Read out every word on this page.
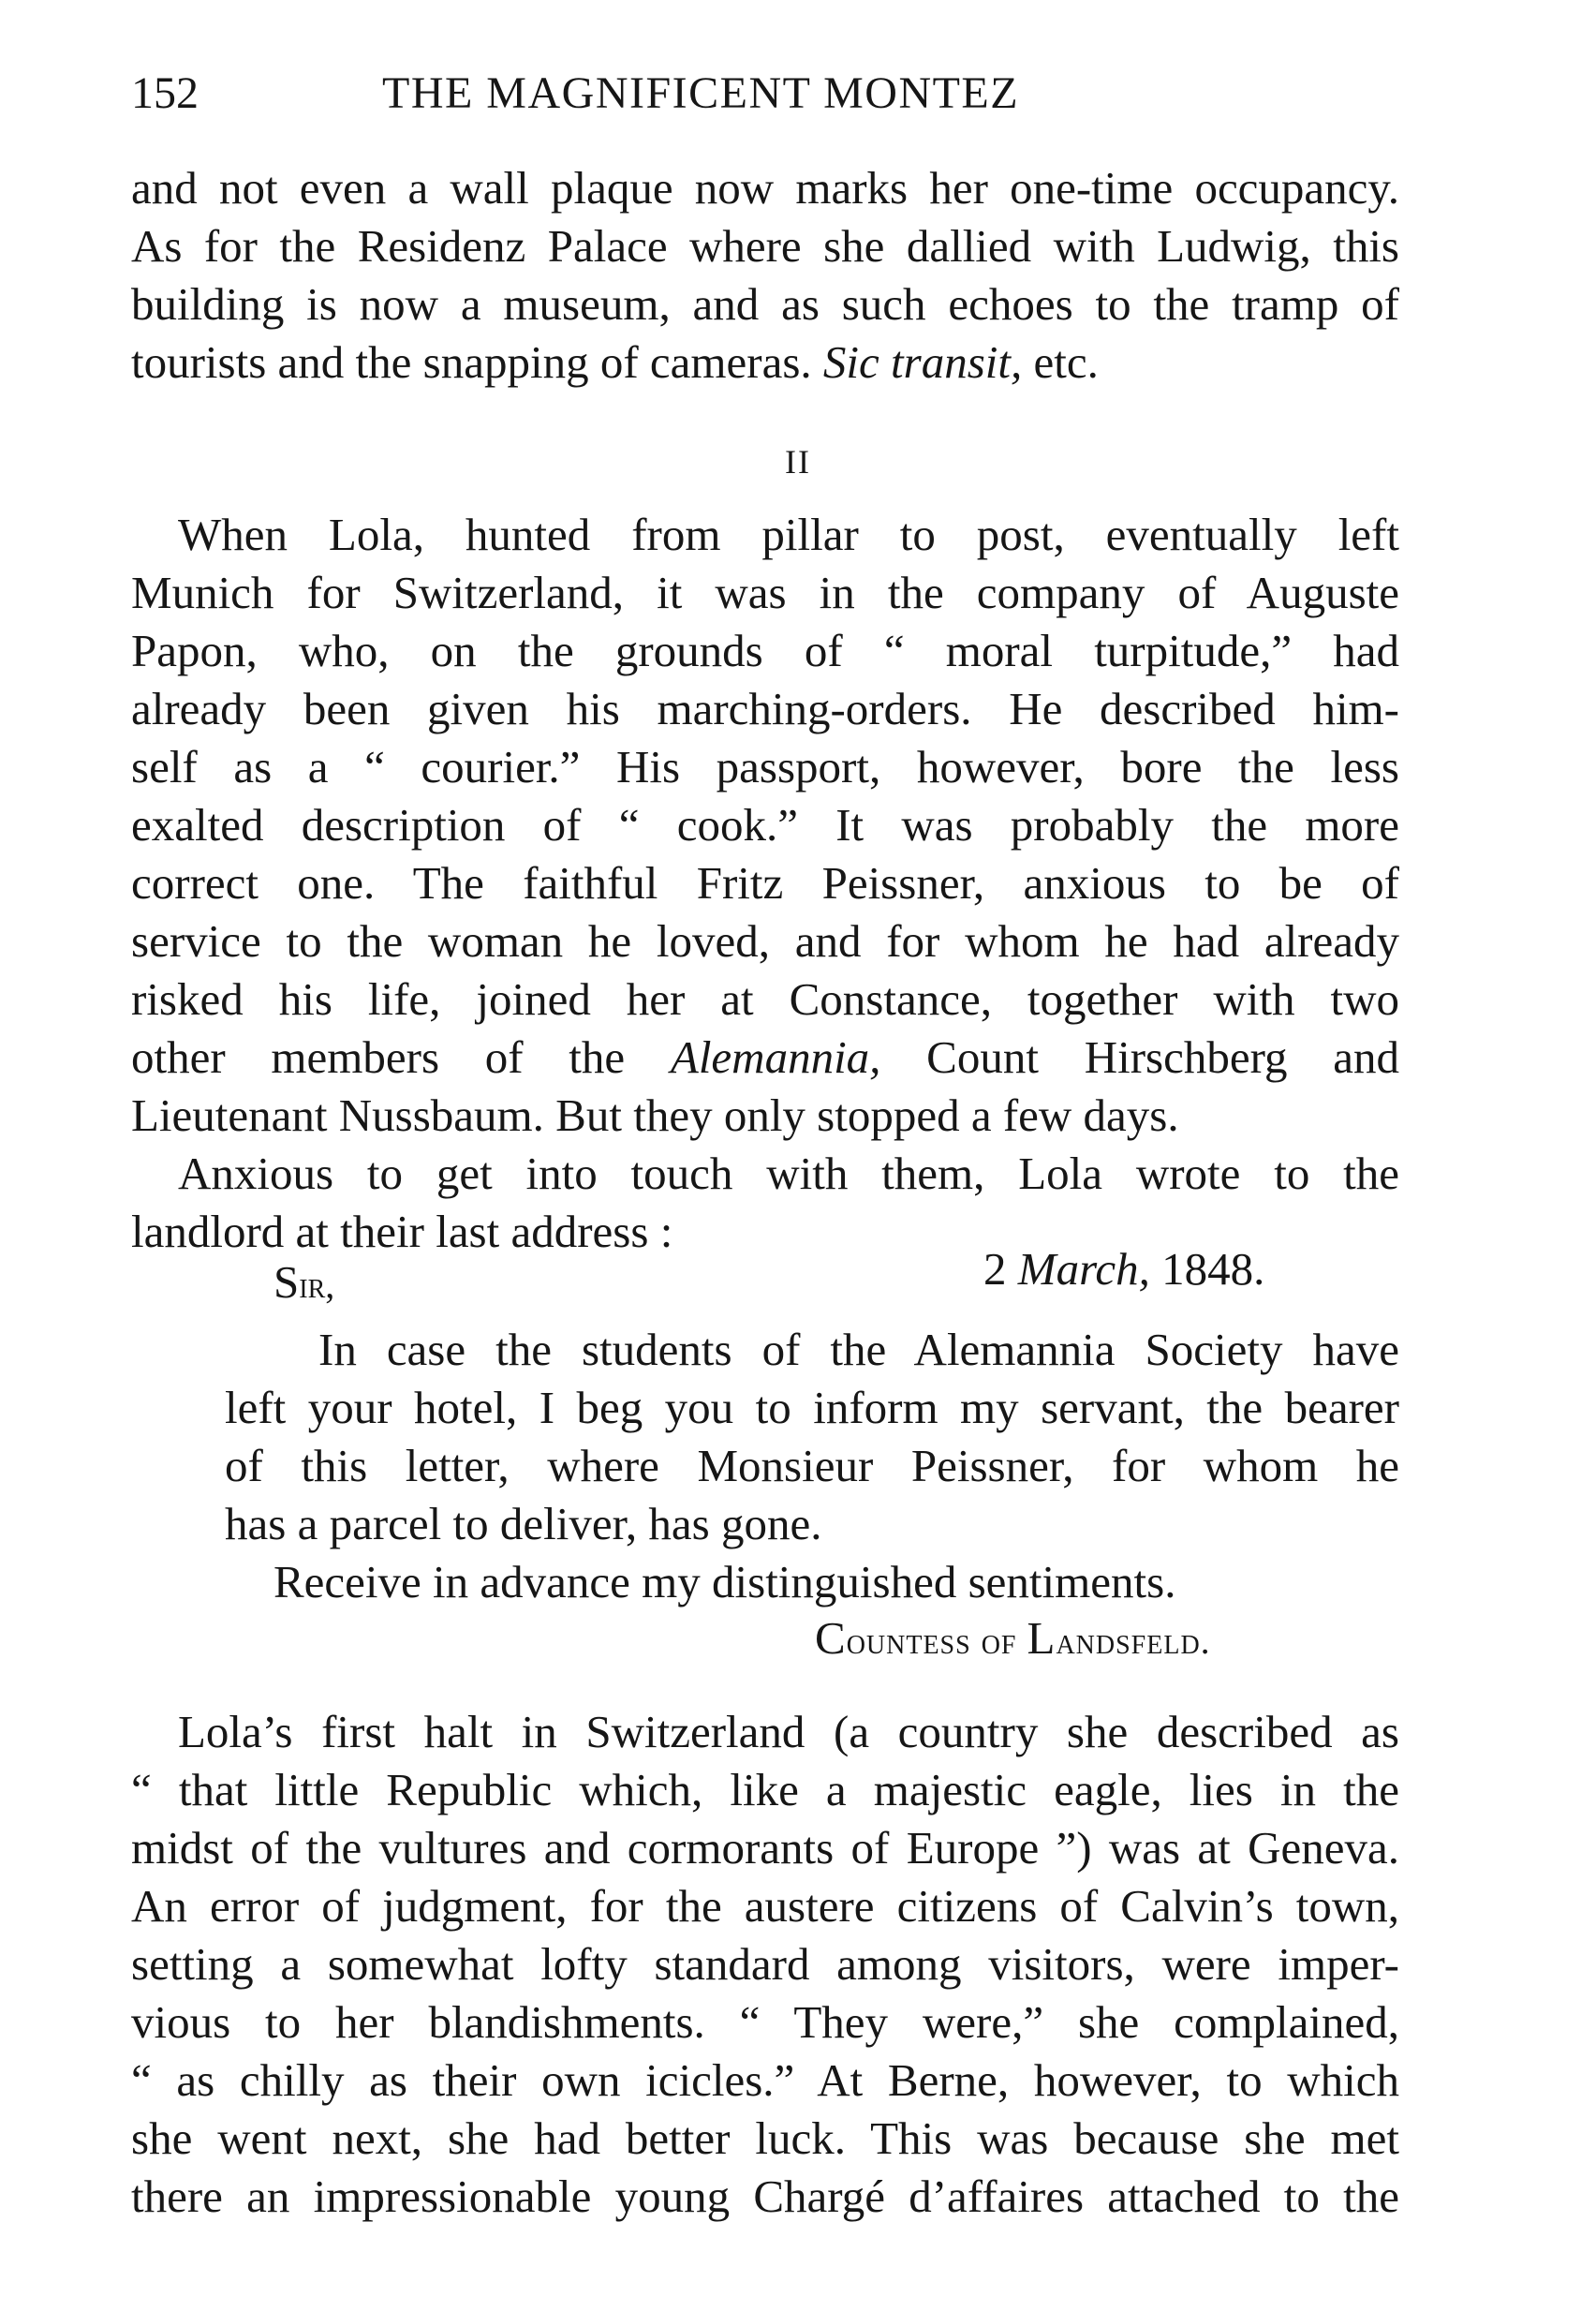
152	THE MAGNIFICENT MONTEZ
and not even a wall plaque now marks her one-time occupancy.
As for the Residenz Palace where she dallied with Ludwig, this
building is now a museum, and as such echoes to the tramp of
tourists and the snapping of cameras. Sic transit, etc.
II
When Lola, hunted from pillar to post, eventually left
Munich for Switzerland, it was in the company of Auguste
Papon, who, on the grounds of “ moral turpitude,” had
already been given his marching-orders. He described him-
self as a “ courier.” His passport, however, bore the less
exalted description of “ cook.” It was probably the more
correct one. The faithful Fritz Peissner, anxious to be of
service to the woman he loved, and for whom he had already
risked his life, joined her at Constance, together with two
other members of the Alemannia, Count Hirschberg and
Lieutenant Nussbaum. But they only stopped a few days.
Anxious to get into touch with them, Lola wrote to the
landlord at their last address :
Sir,	2 March, 1848.
In case the students of the Alemannia Society have
left your hotel, I beg you to inform my servant, the bearer
of this letter, where Monsieur Peissner, for whom he
has a parcel to deliver, has gone.
Receive in advance my distinguished sentiments.
Countess of Landsfeld.
Lola’s first halt in Switzerland (a country she described as
“ that little Republic which, like a majestic eagle, lies in the
midst of the vultures and cormorants of Europe ”) was at Geneva.
An error of judgment, for the austere citizens of Calvin’s town,
setting a somewhat lofty standard among visitors, were imper-
vious to her blandishments. “ They were,” she complained,
“ as chilly as their own icicles.” At Berne, however, to which
she went next, she had better luck. This was because she met
there an impressionable young Chargé d’affaires attached to the
